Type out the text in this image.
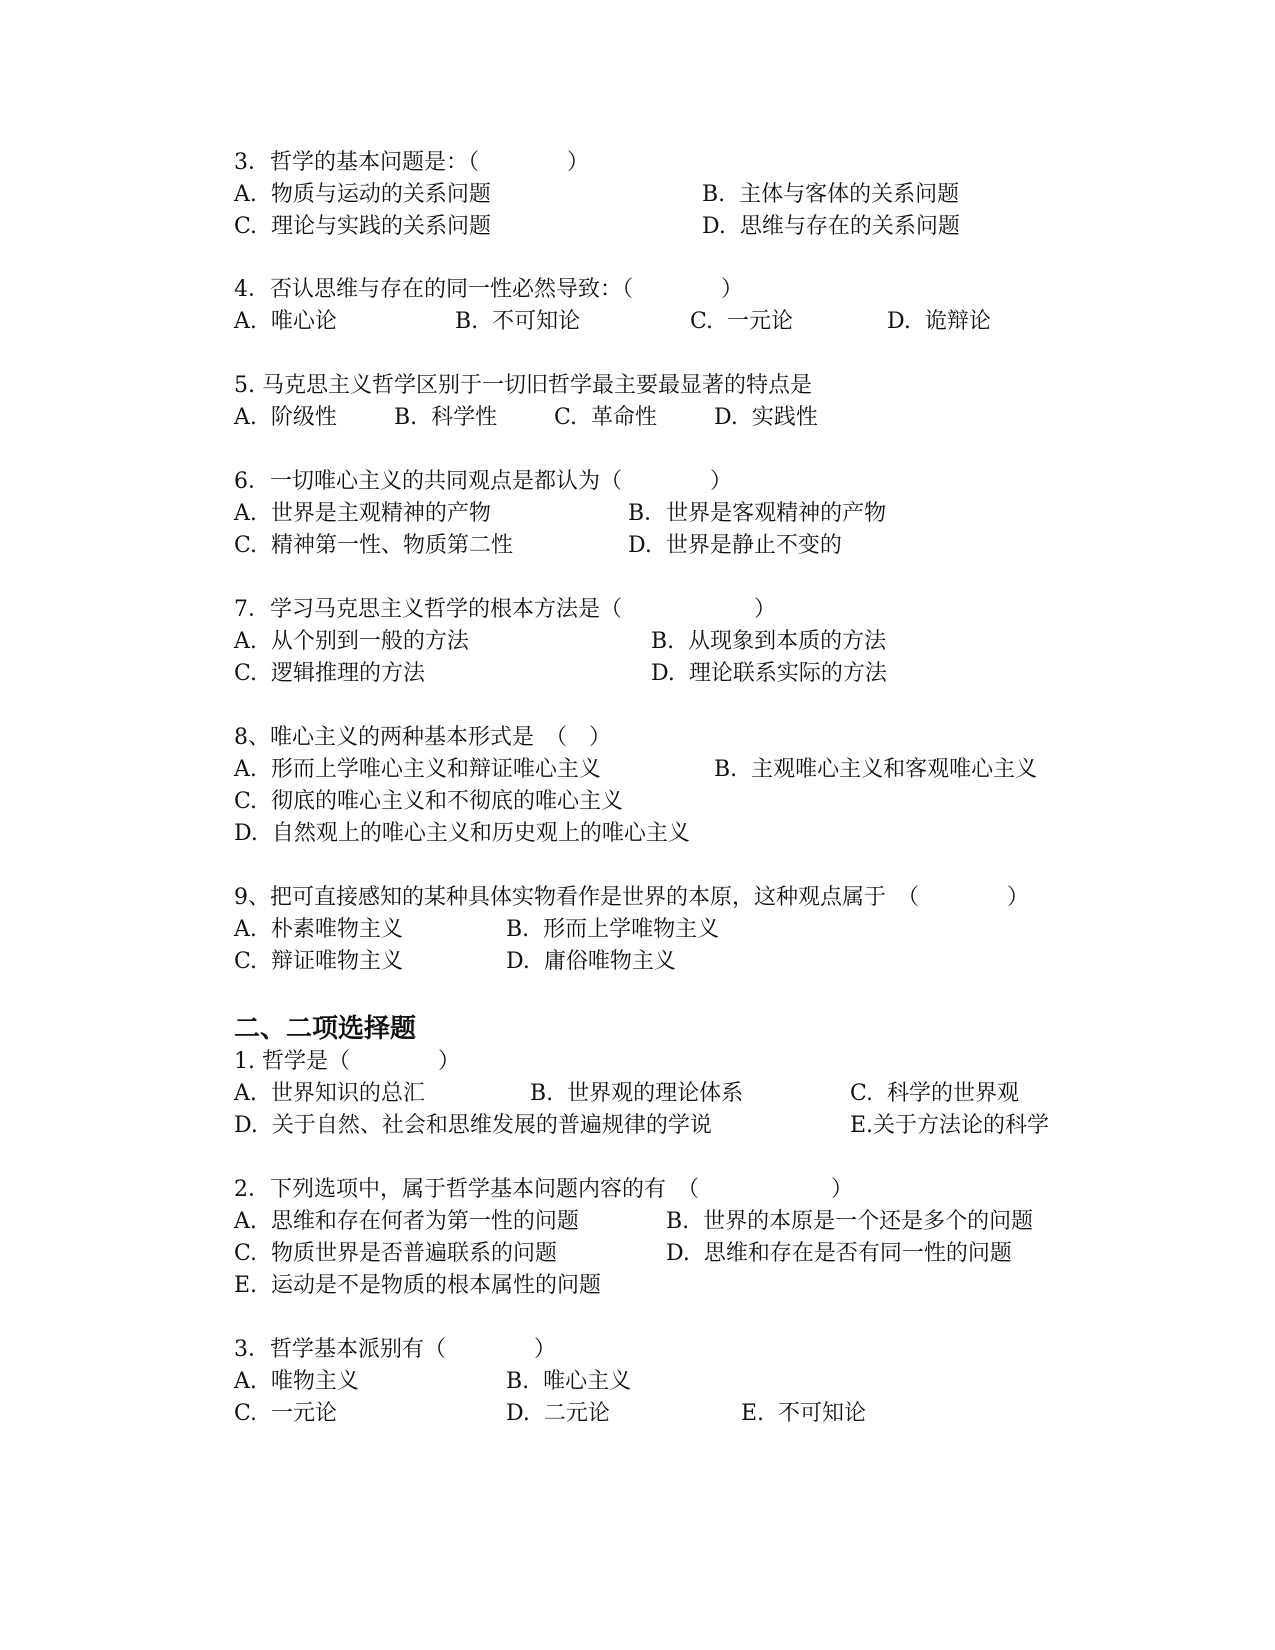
3．哲学的基本问题是：（　　　　）
A.  物质与运动的关系问题	B.  主体与客体的关系问题
C.  理论与实践的关系问题	D.  思维与存在的关系问题
4．否认思维与存在的同一性必然导致：（　　　　）
A.  唯心论	B.  不可知论	C.  一元论	D.  诡辩论
5. 马克思主义哲学区别于一切旧哲学最主要最显著的特点是
A.  阶级性	B.  科学性	C.  革命性	D.  实践性
6．一切唯心主义的共同观点是都认为（　　　　）
A.  世界是主观精神的产物	B．世界是客观精神的产物
C.  精神第一性、物质第二性	D.  世界是静止不变的
7．学习马克思主义哲学的根本方法是（　　　　　　）
A.  从个别到一般的方法	B.  从现象到本质的方法
C.  逻辑推理的方法	D.  理论联系实际的方法
8、唯心主义的两种基本形式是　（　）
A.  形而上学唯心主义和辩证唯心主义	B.  主观唯心主义和客观唯心主义
C.  彻底的唯心主义和不彻底的唯心主义
D.  自然观上的唯心主义和历史观上的唯心主义
9、把可直接感知的某种具体实物看作是世界的本原，这种观点属于　（　　　　）
A.  朴素唯物主义	B.  形而上学唯物主义
C.  辩证唯物主义	D.  庸俗唯物主义
二、二项选择题
1. 哲学是（　　　　）
A.  世界知识的总汇	B.  世界观的理论体系	C.  科学的世界观
D.  关于自然、社会和思维发展的普遍规律的学说	E.关于方法论的科学
2．下列选项中，属于哲学基本问题内容的有　（　　　　　　）
A.  思维和存在何者为第一性的问题	B.  世界的本原是一个还是多个的问题
C.  物质世界是否普遍联系的问题	D.  思维和存在是否有同一性的问题
E.  运动是不是物质的根本属性的问题
3．哲学基本派别有（　　　　）
A.  唯物主义	B.  唯心主义
C.  一元论	D.  二元论	E.  不可知论
